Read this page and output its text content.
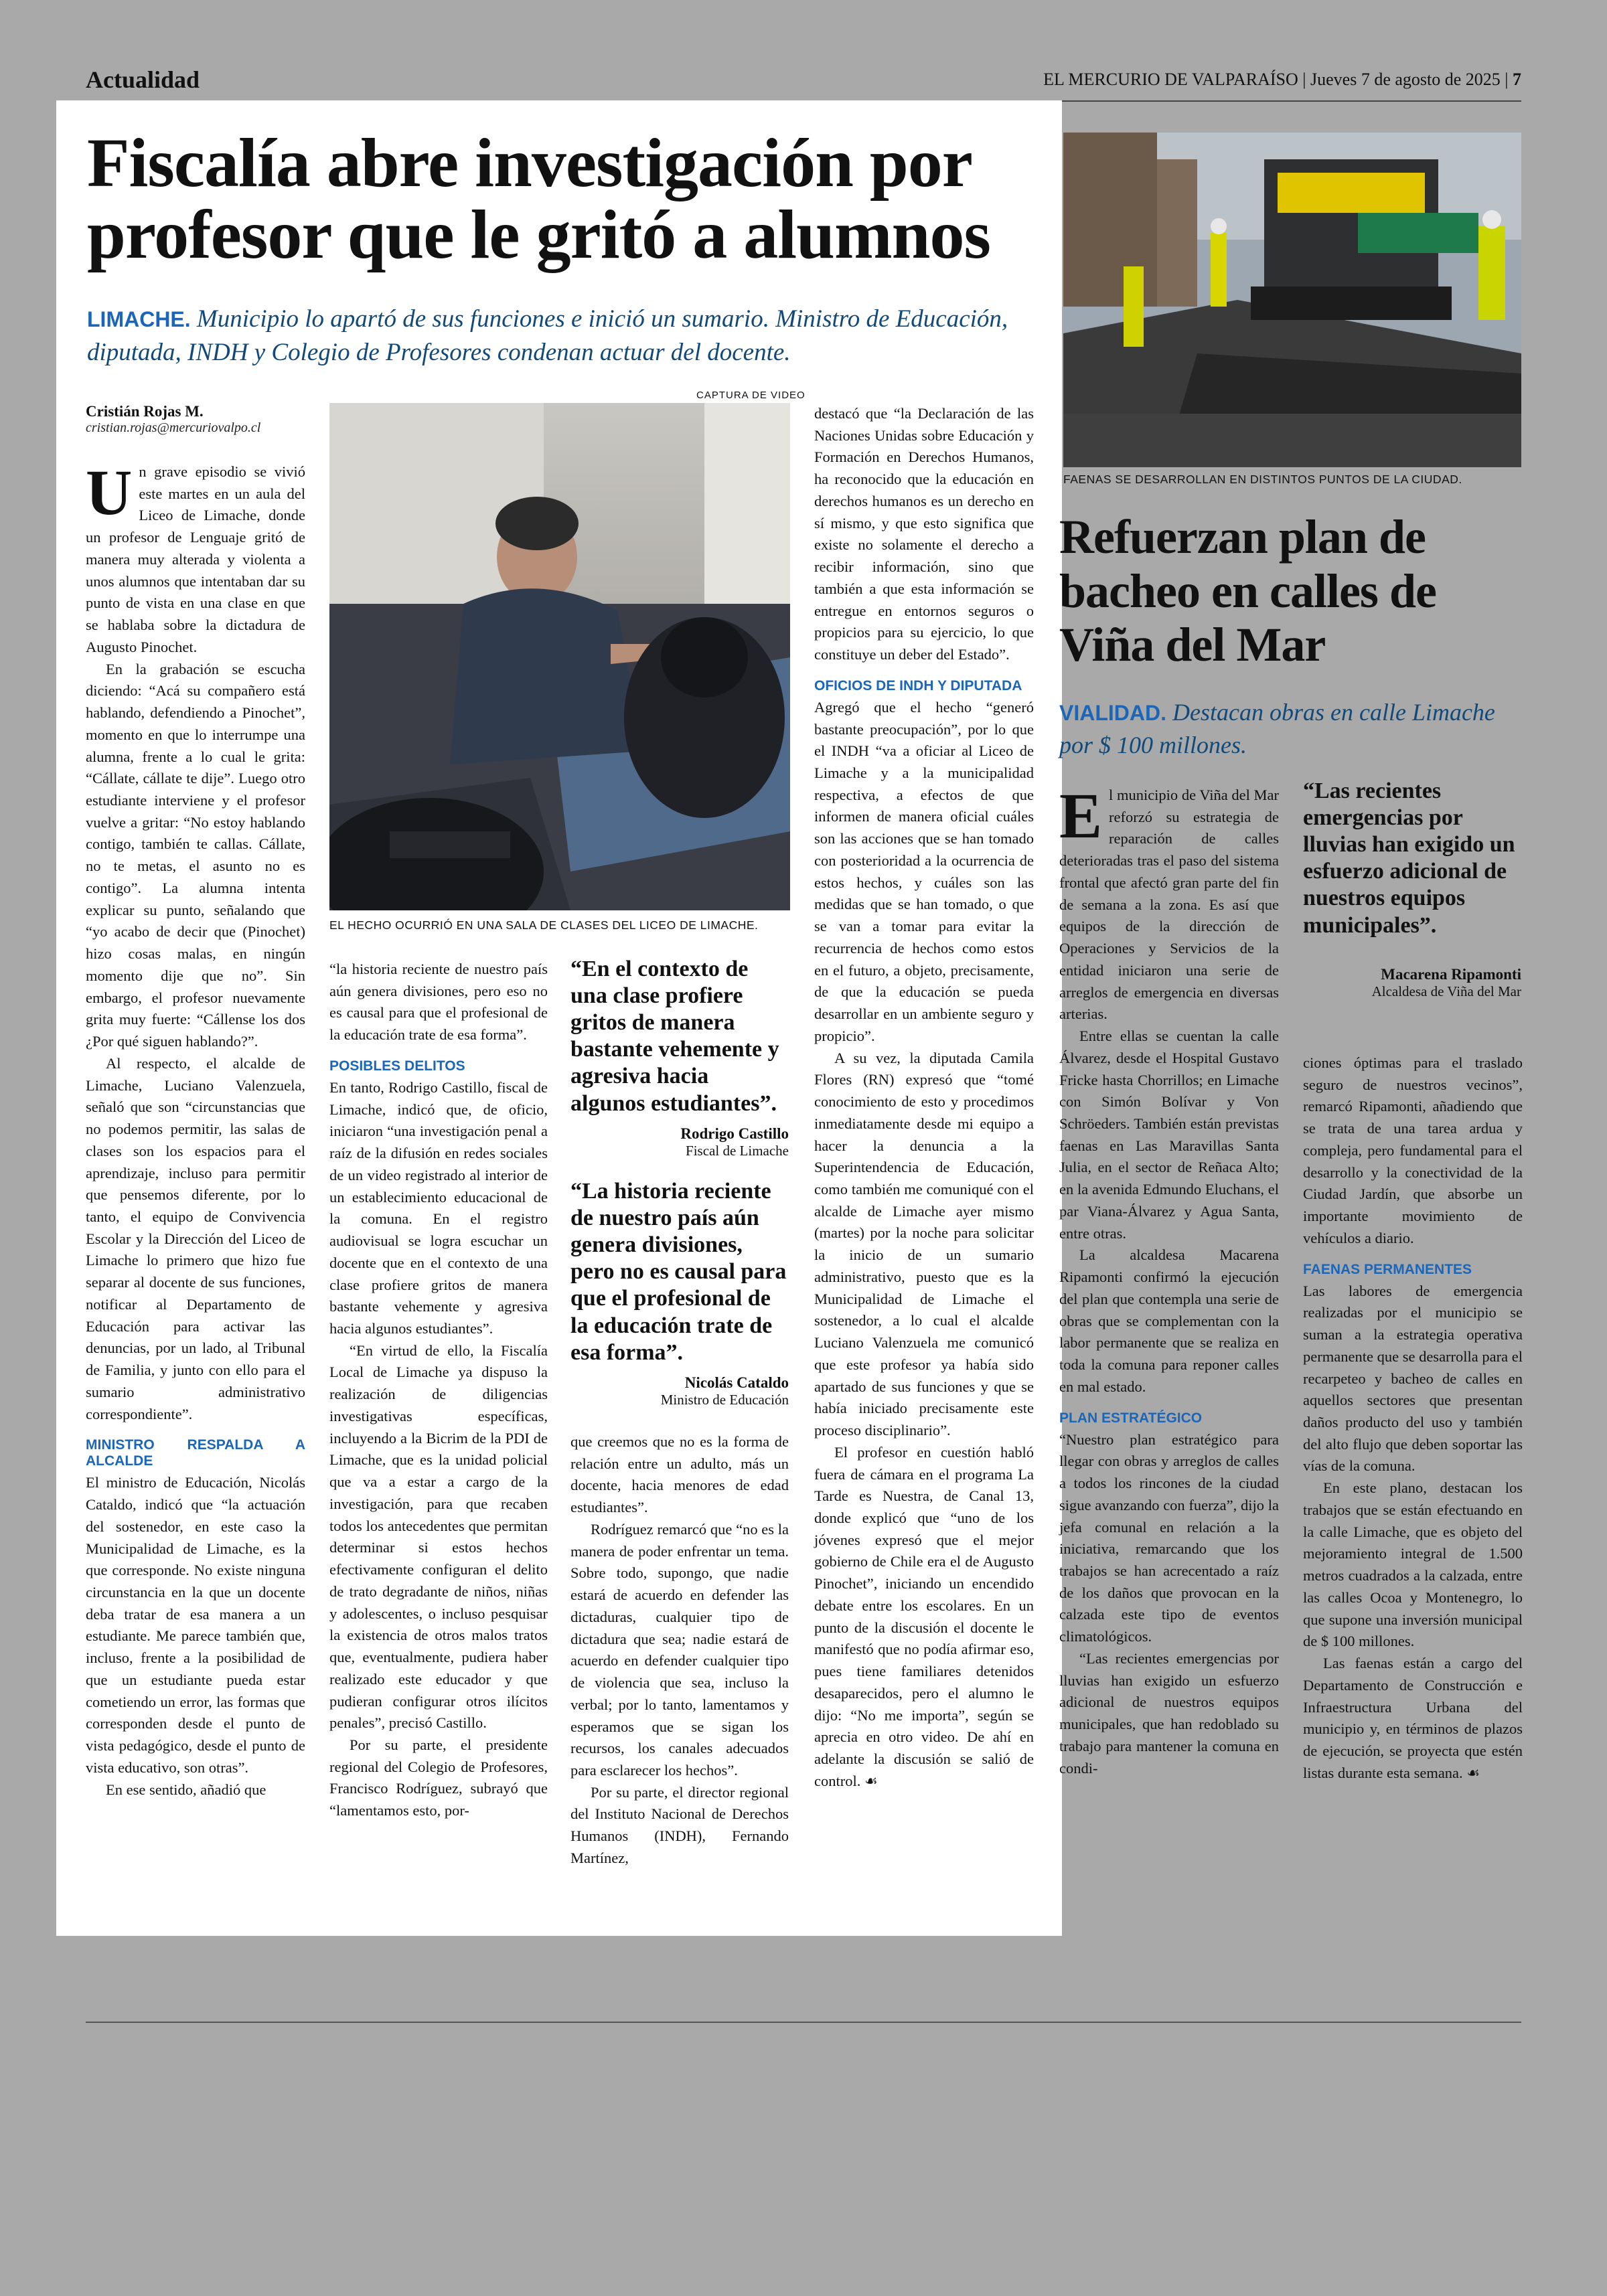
Actualidad	EL MERCURIO DE VALPARAÍSO | Jueves 7 de agosto de 2025 | 7
Fiscalía abre investigación por profesor que le gritó a alumnos
LIMACHE. Municipio lo apartó de sus funciones e inició un sumario. Ministro de Educación, diputada, INDH y Colegio de Profesores condenan actuar del docente.
Cristián Rojas M.
cristian.rojas@mercuriovalpo.cl

Un grave episodio se vivió este martes en un aula del Liceo de Limache, donde un profesor de Lenguaje gritó de manera muy alterada y violenta a unos alumnos que intentaban dar su punto de vista en una clase en que se hablaba sobre la dictadura de Augusto Pinochet.

En la grabación se escucha diciendo: “Acá su compañero está hablando, defendiendo a Pinochet”, momento en que lo interrumpe una alumna, frente a lo cual le grita: “Cállate, cállate te dije”. Luego otro estudiante interviene y el profesor vuelve a gritar: “No estoy hablando contigo, también te callas. Cállate, no te metas, el asunto no es contigo”. La alumna intenta explicar su punto, señalando que “yo acabo de decir que (Pinochet) hizo cosas malas, en ningún momento dije que no”. Sin embargo, el profesor nuevamente grita muy fuerte: “Cállense los dos ¿Por qué siguen hablando?”.

Al respecto, el alcalde de Limache, Luciano Valenzuela, señaló que son “circunstancias que no podemos permitir, las salas de clases son los espacios para el aprendizaje, incluso para permitir que pensemos diferente, por lo tanto, el equipo de Convivencia Escolar y la Dirección del Liceo de Limache lo primero que hizo fue separar al docente de sus funciones, notificar al Departamento de Educación para activar las denuncias, por un lado, al Tribunal de Familia, y junto con ello para el sumario administrativo correspondiente”.

MINISTRO RESPALDA A ALCALDE

El ministro de Educación, Nicolás Cataldo, indicó que “la actuación del sostenedor, en este caso la Municipalidad de Limache, es la que corresponde. No existe ninguna circunstancia en la que un docente deba tratar de esa manera a un estudiante. Me parece también que, incluso, frente a la posibilidad de que un estudiante pueda estar cometiendo un error, las formas que corresponden desde el punto de vista pedagógico, desde el punto de vista educativo, son otras”.

En ese sentido, añadió que

CAPTURA DE VIDEO
EL HECHO OCURRIÓ EN UNA SALA DE CLASES DEL LICEO DE LIMACHE.

“la historia reciente de nuestro país aún genera divisiones, pero eso no es causal para que el profesional de la educación trate de esa forma”.

POSIBLES DELITOS

En tanto, Rodrigo Castillo, fiscal de Limache, indicó que, de oficio, iniciaron “una investigación penal a raíz de la difusión en redes sociales de un video registrado al interior de un establecimiento educacional de la comuna. En el registro audiovisual se logra escuchar un docente que en el contexto de una clase profiere gritos de manera bastante vehemente y agresiva hacia algunos estudiantes”.

“En virtud de ello, la Fiscalía Local de Limache ya dispuso la realización de diligencias investigativas específicas, incluyendo a la Bicrim de la PDI de Limache, que es la unidad policial que va a estar a cargo de la investigación, para que recaben todos los antecedentes que permitan determinar si estos hechos efectivamente configuran el delito de trato degradante de niños, niñas y adolescentes, o incluso pesquisar la existencia de otros malos tratos que, eventualmente, pudiera haber realizado este educador y que pudieran configurar otros ilícitos penales”, precisó Castillo.

Por su parte, el presidente regional del Colegio de Profesores, Francisco Rodríguez, subrayó que “lamentamos esto, por-

“En el contexto de una clase profiere gritos de manera bastante vehemente y agresiva hacia algunos estudiantes”.
Rodrigo Castillo
Fiscal de Limache
“La historia reciente de nuestro país aún genera divisiones, pero no es causal para que el profesional de la educación trate de esa forma”.
Nicolás Cataldo
Ministro de Educación

que creemos que no es la forma de relación entre un adulto, más un docente, hacia menores de edad estudiantes”.

Rodríguez remarcó que “no es la manera de poder enfrentar un tema. Sobre todo, supongo, que nadie estará de acuerdo en defender las dictaduras, cualquier tipo de dictadura que sea; nadie estará de acuerdo en defender cualquier tipo de violencia que sea, incluso la verbal; por lo tanto, lamentamos y esperamos que se sigan los recursos, los canales adecuados para esclarecer los hechos”.

Por su parte, el director regional del Instituto Nacional de Derechos Humanos (INDH), Fernando Martínez,

destacó que “la Declaración de las Naciones Unidas sobre Educación y Formación en Derechos Humanos, ha reconocido que la educación en derechos humanos es un derecho en sí mismo, y que esto significa que existe no solamente el derecho a recibir información, sino que también a que esta información se entregue en entornos seguros o propicios para su ejercicio, lo que constituye un deber del Estado”.

OFICIOS DE INDH Y DIPUTADA

Agregó que el hecho “generó bastante preocupación”, por lo que el INDH “va a oficiar al Liceo de Limache y a la municipalidad respectiva, a efectos de que informen de manera oficial cuáles son las acciones que se han tomado con posterioridad a la ocurrencia de estos hechos, y cuáles son las medidas que se han tomado, o que se van a tomar para evitar la recurrencia de hechos como estos en el futuro, a objeto, precisamente, de que la educación se pueda desarrollar en un ambiente seguro y propicio”.

A su vez, la diputada Camila Flores (RN) expresó que “tomé conocimiento de esto y procedimos inmediatamente desde mi equipo a hacer la denuncia a la Superintendencia de Educación, como también me comuniqué con el alcalde de Limache ayer mismo (martes) por la noche para solicitar la inicio de un sumario administrativo, puesto que es la Municipalidad de Limache el sostenedor, a lo cual el alcalde Luciano Valenzuela me comunicó que este profesor ya había sido apartado de sus funciones y que se había iniciado precisamente este proceso disciplinario”.

El profesor en cuestión habló fuera de cámara en el programa La Tarde es Nuestra, de Canal 13, donde explicó que “uno de los jóvenes expresó que el mejor gobierno de Chile era el de Augusto Pinochet”, iniciando un encendido debate entre los escolares. En un punto de la discusión el docente le manifestó que no podía afirmar eso, pues tiene familiares detenidos desaparecidos, pero el alumno le dijo: “No me importa”, según se aprecia en otro video. De ahí en adelante la discusión se salió de control. ☙

FAENAS SE DESARROLLAN EN DISTINTOS PUNTOS DE LA CIUDAD.
Refuerzan plan de bacheo en calles de Viña del Mar
VIALIDAD. Destacan obras en calle Limache por $ 100 millones.

El municipio de Viña del Mar reforzó su estrategia de reparación de calles deterioradas tras el paso del sistema frontal que afectó gran parte del fin de semana a la zona. Es así que equipos de la dirección de Operaciones y Servicios de la entidad iniciaron una serie de arreglos de emergencia en diversas arterias.

Entre ellas se cuentan la calle Álvarez, desde el Hospital Gustavo Fricke hasta Chorrillos; en Limache con Simón Bolívar y Von Schröeders. También están previstas faenas en Las Maravillas Santa Julia, en el sector de Reñaca Alto; en la avenida Edmundo Eluchans, el par Viana-Álvarez y Agua Santa, entre otras.

La alcaldesa Macarena Ripamonti confirmó la ejecución del plan que contempla una serie de obras que se complementan con la labor permanente que se realiza en toda la comuna para reponer calles en mal estado.

PLAN ESTRATÉGICO

“Nuestro plan estratégico para llegar con obras y arreglos de calles a todos los rincones de la ciudad sigue avanzando con fuerza”, dijo la jefa comunal en relación a la iniciativa, remarcando que los trabajos se han acrecentado a raíz de los daños que provocan en la calzada este tipo de eventos climatológicos.

“Las recientes emergencias por lluvias han exigido un esfuerzo adicional de nuestros equipos municipales, que han redoblado su trabajo para mantener la comuna en condi-

“Las recientes emergencias por lluvias han exigido un esfuerzo adicional de nuestros equipos municipales”.
Macarena Ripamonti
Alcaldesa de Viña del Mar

ciones óptimas para el traslado seguro de nuestros vecinos”, remarcó Ripamonti, añadiendo que se trata de una tarea ardua y compleja, pero fundamental para el desarrollo y la conectividad de la Ciudad Jardín, que absorbe un importante movimiento de vehículos a diario.

FAENAS PERMANENTES

Las labores de emergencia realizadas por el municipio se suman a la estrategia operativa permanente que se desarrolla para el recarpeteo y bacheo de calles en aquellos sectores que presentan daños producto del uso y también del alto flujo que deben soportar las vías de la comuna.

En este plano, destacan los trabajos que se están efectuando en la calle Limache, que es objeto del mejoramiento integral de 1.500 metros cuadrados a la calzada, entre las calles Ocoa y Montenegro, lo que supone una inversión municipal de $ 100 millones.

Las faenas están a cargo del Departamento de Construcción e Infraestructura Urbana del municipio y, en términos de plazos de ejecución, se proyecta que estén listas durante esta semana. ☙
